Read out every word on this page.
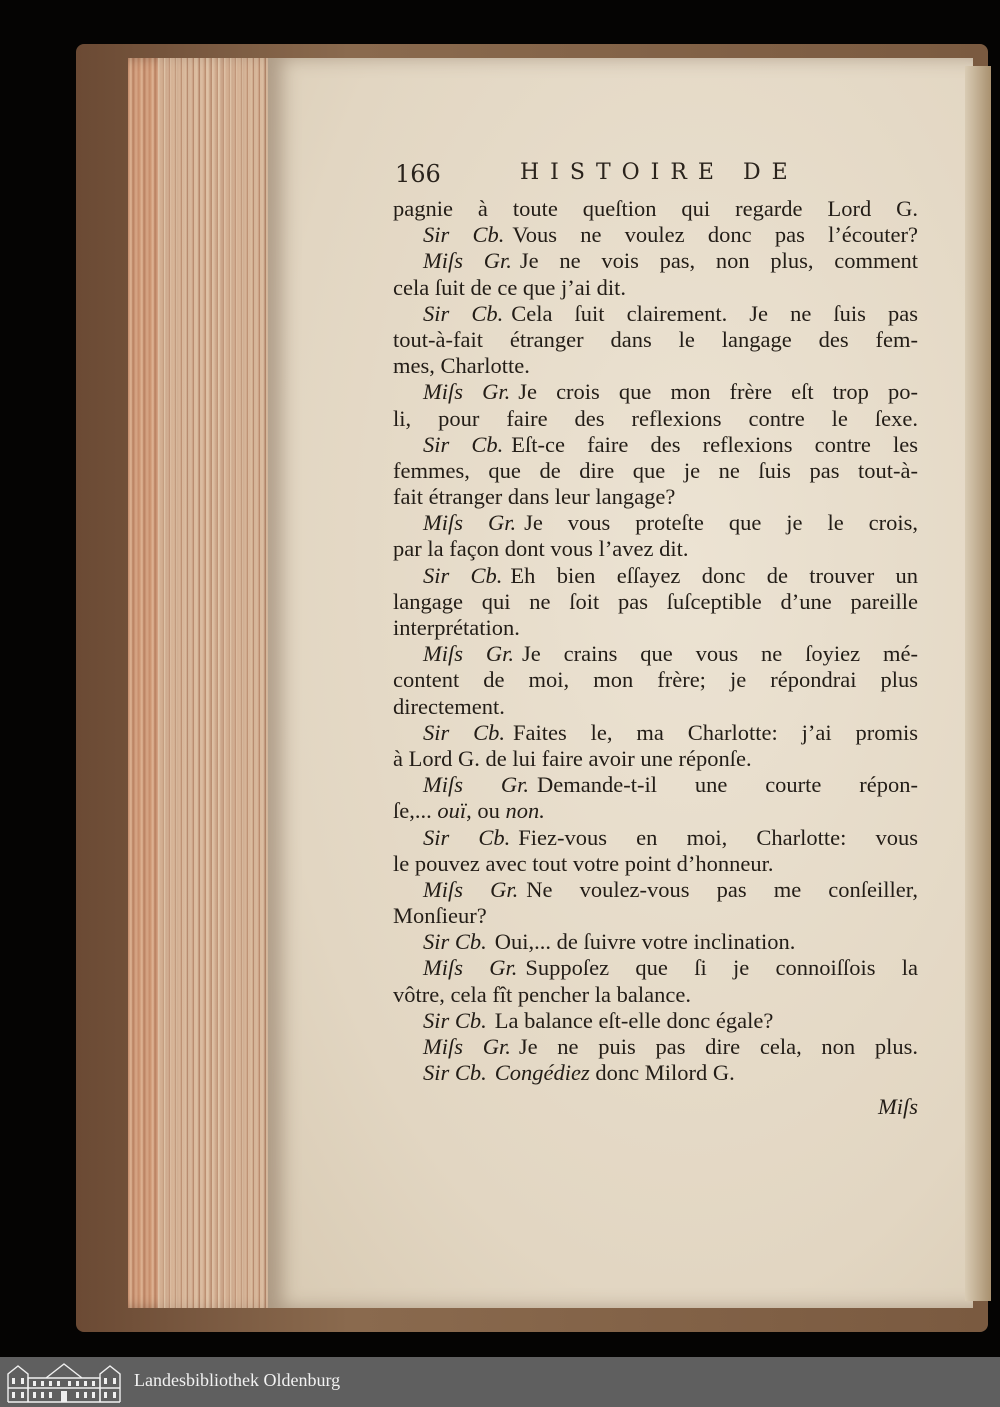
166	HISTOIRE DE
pagnie à toute queſtion qui regarde Lord G.
Sir Cb. Vous ne voulez donc pas l’écouter?
Miſs Gr. Je ne vois pas, non plus, comment
cela ſuit de ce que j’ai dit.
Sir Cb. Cela ſuit clairement. Je ne ſuis pas
tout-à-fait étranger dans le langage des fem-
mes, Charlotte.
Miſs Gr. Je crois que mon frère eſt trop po-
li, pour faire des reflexions contre le ſexe.
Sir Cb. Eſt-ce faire des reflexions contre les
femmes, que de dire que je ne ſuis pas tout-à-
fait étranger dans leur langage?
Miſs Gr. Je vous proteſte que je le crois,
par la façon dont vous l’avez dit.
Sir Cb. Eh bien eſſayez donc de trouver un
langage qui ne ſoit pas ſuſceptible d’une pareille
interprétation.
Miſs Gr. Je crains que vous ne ſoyiez mé-
content de moi, mon frère; je répondrai plus
directement.
Sir Cb. Faites le, ma Charlotte: j’ai promis
à Lord G. de lui faire avoir une réponſe.
Miſs Gr. Demande-t-il une courte répon-
ſe,... ouï, ou non.
Sir Cb. Fiez-vous en moi, Charlotte: vous
le pouvez avec tout votre point d’honneur.
Miſs Gr. Ne voulez-vous pas me conſeiller,
Monſieur?
Sir Cb. Oui,... de ſuivre votre inclination.
Miſs Gr. Suppoſez que ſi je connoiſſois la
vôtre, cela fît pencher la balance.
Sir Cb. La balance eſt-elle donc égale?
Miſs Gr. Je ne puis pas dire cela, non plus.
Sir Cb. Congédiez donc Milord G.
Miſs
Landesbibliothek Oldenburg
